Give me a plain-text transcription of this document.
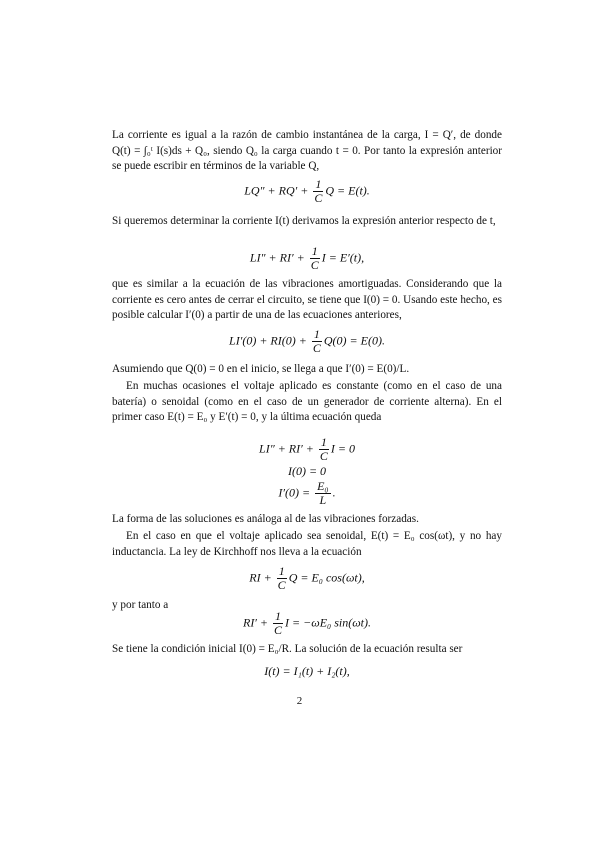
La corriente es igual a la razón de cambio instantánea de la carga, I = Q′, de donde Q(t) = ∫₀ᵗ I(s)ds + Q₀, siendo Q₀ la carga cuando t = 0. Por tanto la expresión anterior se puede escribir en términos de la variable Q,
$LQ'' + RQ' + \frac{1}{C}$ Q = E(t).
Si queremos determinar la corriente I(t) derivamos la expresión anterior respecto de t,
$LI'' + RI' + \frac{1}{C}$ I = E′(t),
que es similar a la ecuación de las vibraciones amortiguadas. Considerando que la corriente es cero antes de cerrar el circuito, se tiene que I(0) = 0. Usando este hecho, es posible calcular I′(0) a partir de una de las ecuaciones anteriores,
$LI'(0) + RI(0) + \frac{1}{C} Q(0) = E(0)$.
Asumiendo que Q(0) = 0 en el inicio, se llega a que I′(0) = E(0)/L.
En muchas ocasiones el voltaje aplicado es constante (como en el caso de una batería) o senoidal (como en el caso de un generador de corriente alterna). En el primer caso E(t) = E₀ y E′(t) = 0, y la última ecuación queda
$LI'' + RI' + \frac{1}{C}$ I = 0
I(0) = 0
$I'(0) = \frac{\text{E₀}}{L}$ .
La forma de las soluciones es análoga al de las vibraciones forzadas.
En el caso en que el voltaje aplicado sea senoidal, E(t) = E₀ cos(ωt), y no hay inductancia. La ley de Kirchhoff nos lleva a la ecuación
RI + $\frac{1}{C}$ Q = E₀ cos(ωt),
y por tanto a
$RI' + \frac{1}{C}$ I = −ωE₀ sin(ωt).
Se tiene la condición inicial I(0) = E₀/R. La solución de la ecuación resulta ser
I(t) = I₁(t) + I₂(t),
2
